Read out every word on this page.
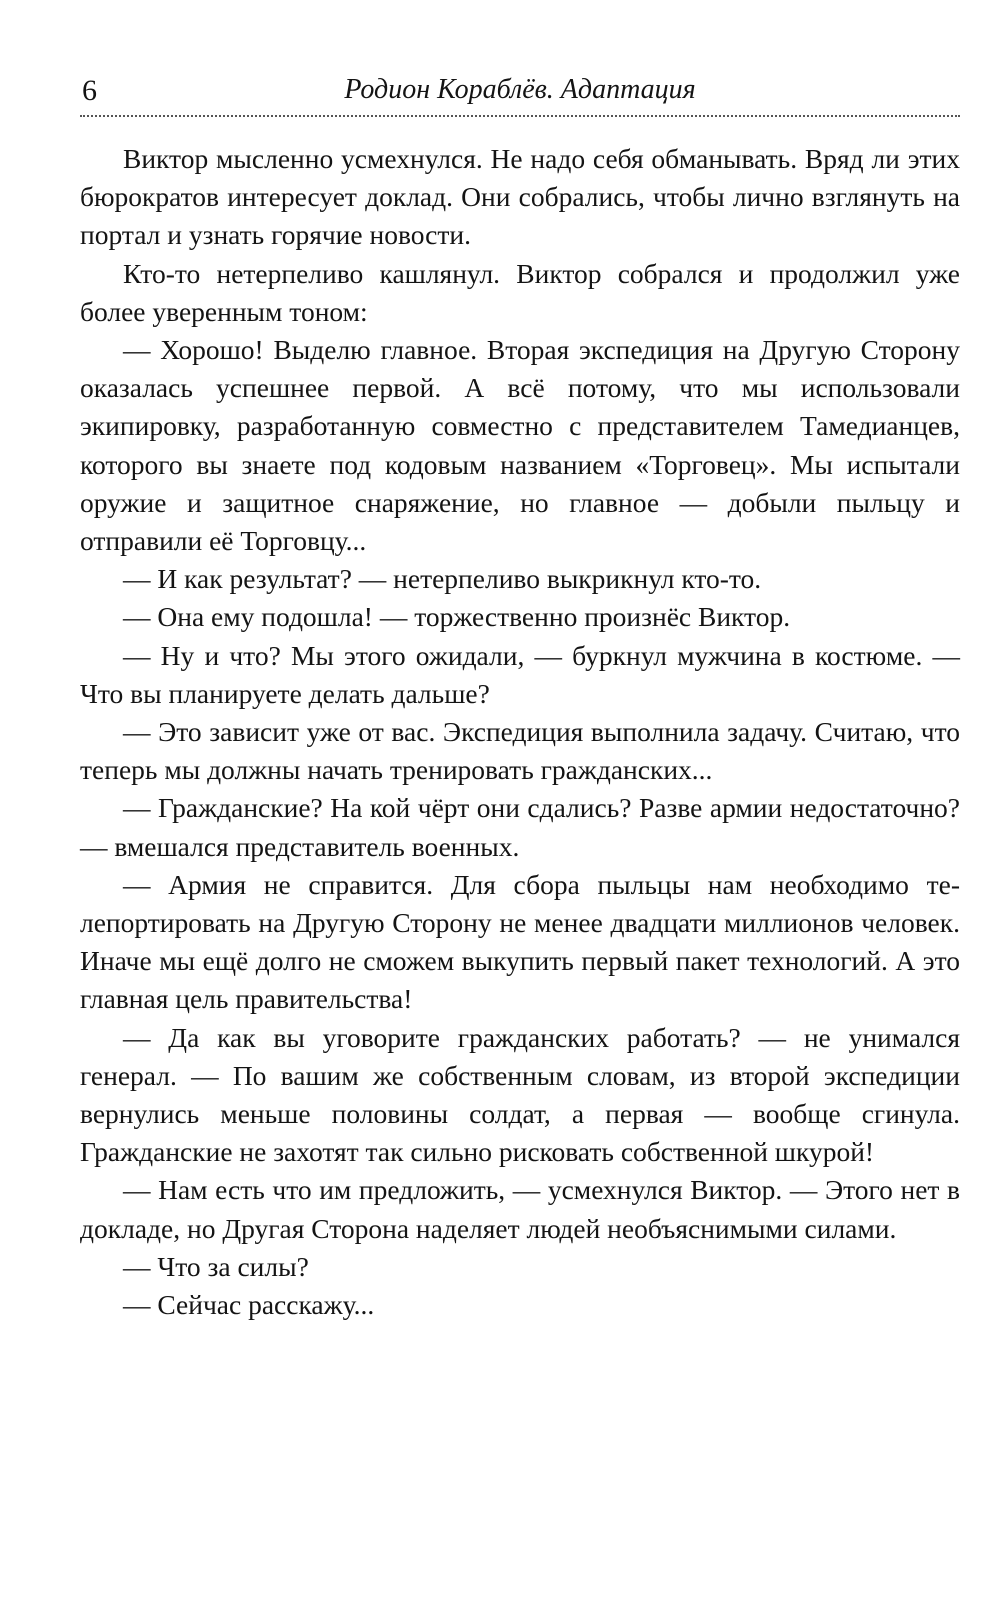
6	Родион Кораблёв. Адаптация

Виктор мысленно усмехнулся. Не надо себя обманывать. Вряд ли этих бюрократов интересует доклад. Они собрались, чтобы лично взглянуть на портал и узнать горячие новости.

Кто-то нетерпеливо кашлянул. Виктор собрался и продолжил уже более уверенным тоном:

— Хорошо! Выделю главное. Вторая экспедиция на Другую Сторону оказалась успешнее первой. А всё потому, что мы использовали экипировку, разработанную совместно с представителем Тамедианцев, которого вы знаете под кодовым названием «Торговец». Мы испытали оружие и защитное снаряжение, но главное — добыли пыльцу и отправили её Торговцу...

— И как результат? — нетерпеливо выкрикнул кто-то.

— Она ему подошла! — торжественно произнёс Виктор.

— Ну и что? Мы этого ожидали, — буркнул мужчина в костюме. — Что вы планируете делать дальше?

— Это зависит уже от вас. Экспедиция выполнила задачу. Считаю, что теперь мы должны начать тренировать гражданских...

— Гражданские? На кой чёрт они сдались? Разве армии недостаточно? — вмешался представитель военных.

— Армия не справится. Для сбора пыльцы нам необходимо телепортировать на Другую Сторону не менее двадцати миллионов человек. Иначе мы ещё долго не сможем выкупить первый пакет технологий. А это главная цель правительства!

— Да как вы уговорите гражданских работать? — не унимался генерал. — По вашим же собственным словам, из второй экспедиции вернулись меньше половины солдат, а первая — вообще сгинула. Гражданские не захотят так сильно рисковать собственной шкурой!

— Нам есть что им предложить, — усмехнулся Виктор. — Этого нет в докладе, но Другая Сторона наделяет людей необъяснимыми силами.

— Что за силы?

— Сейчас расскажу...
